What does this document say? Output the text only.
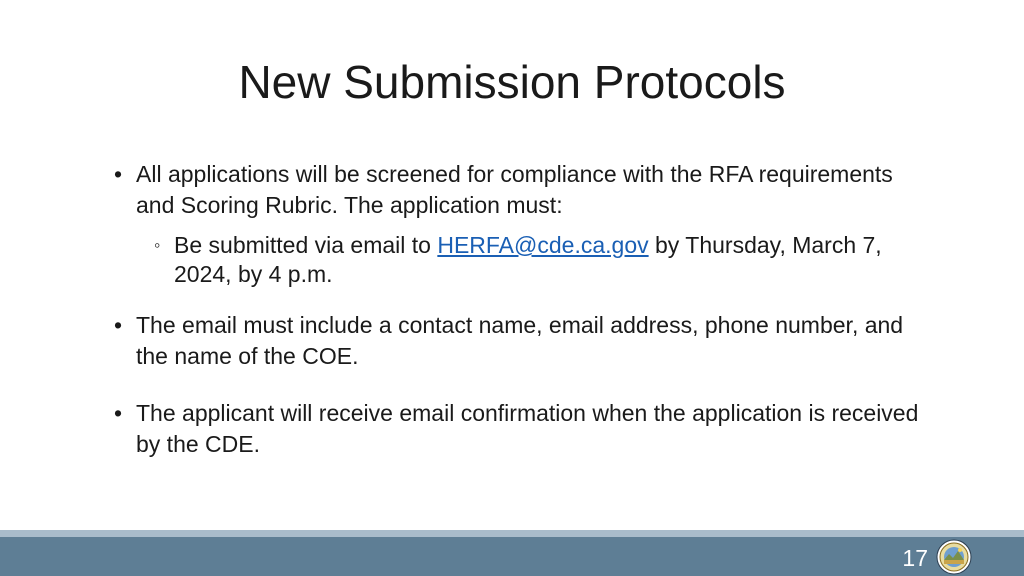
New Submission Protocols
• All applications will be screened for compliance with the RFA requirements and Scoring Rubric. The application must:
◦ Be submitted via email to HERFA@cde.ca.gov by Thursday, March 7, 2024, by 4 p.m.
• The email must include a contact name, email address, phone number, and the name of the COE.
• The applicant will receive email confirmation when the application is received by the CDE.
17
